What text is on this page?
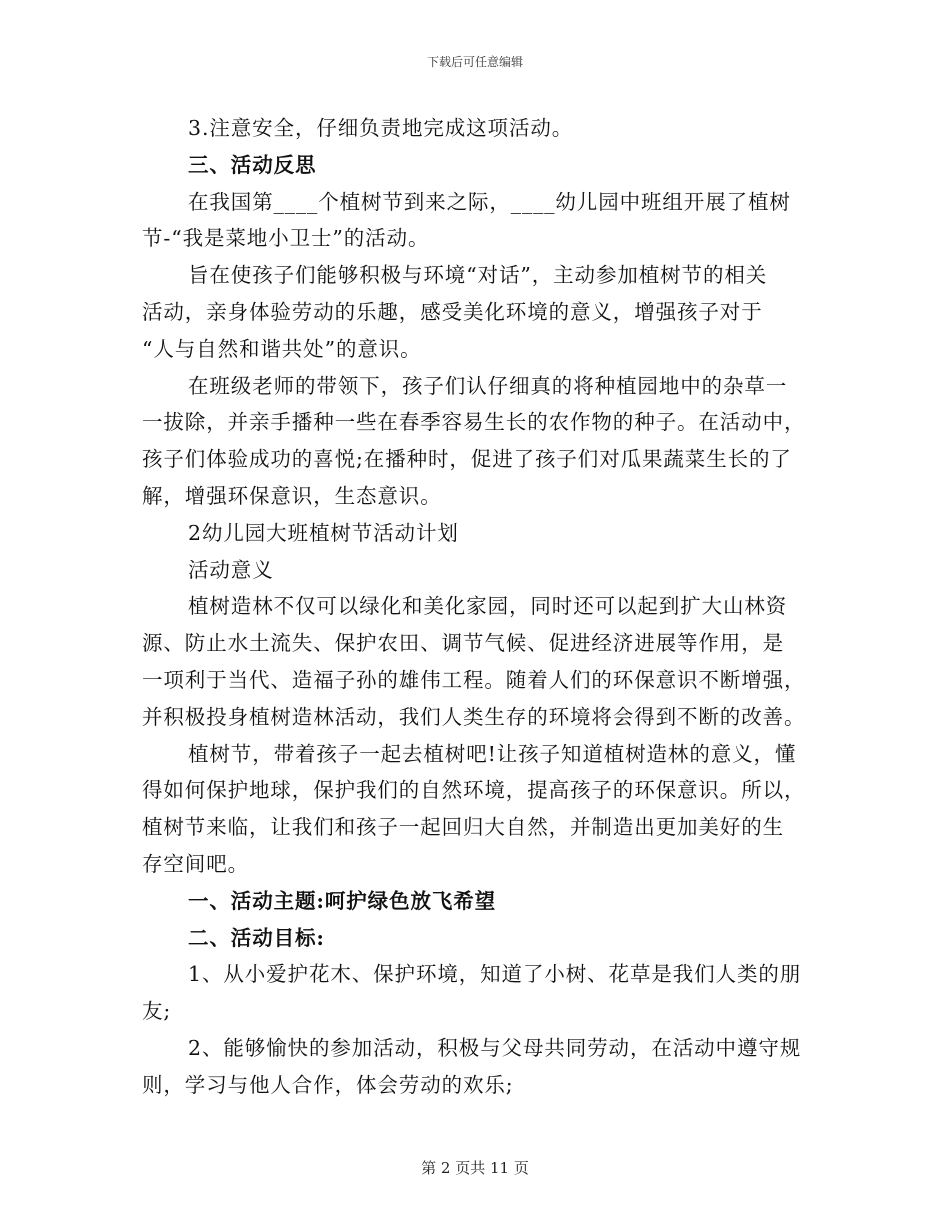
下载后可任意编辑
3.注意安全，仔细负责地完成这项活动。
三、活动反思
在我国第____个植树节到来之际，____幼儿园中班组开展了植树
节-“我是菜地小卫士”的活动。
旨在使孩子们能够积极与环境“对话”，主动参加植树节的相关
活动，亲身体验劳动的乐趣，感受美化环境的意义，增强孩子对于
“人与自然和谐共处”的意识。
在班级老师的带领下，孩子们认仔细真的将种植园地中的杂草一
一拔除，并亲手播种一些在春季容易生长的农作物的种子。在活动中，
孩子们体验成功的喜悦;在播种时，促进了孩子们对瓜果蔬菜生长的了
解，增强环保意识，生态意识。
2幼儿园大班植树节活动计划
活动意义
植树造林不仅可以绿化和美化家园，同时还可以起到扩大山林资
源、防止水土流失、保护农田、调节气候、促进经济进展等作用，是
一项利于当代、造福子孙的雄伟工程。随着人们的环保意识不断增强，
并积极投身植树造林活动，我们人类生存的环境将会得到不断的改善。
植树节，带着孩子一起去植树吧!让孩子知道植树造林的意义，懂
得如何保护地球，保护我们的自然环境，提高孩子的环保意识。所以，
植树节来临，让我们和孩子一起回归大自然，并制造出更加美好的生
存空间吧。
一、活动主题:呵护绿色放飞希望
二、活动目标:
1、从小爱护花木、保护环境，知道了小树、花草是我们人类的朋
友;
2、能够愉快的参加活动，积极与父母共同劳动，在活动中遵守规
则，学习与他人合作，体会劳动的欢乐;
第 2 页共 11 页
